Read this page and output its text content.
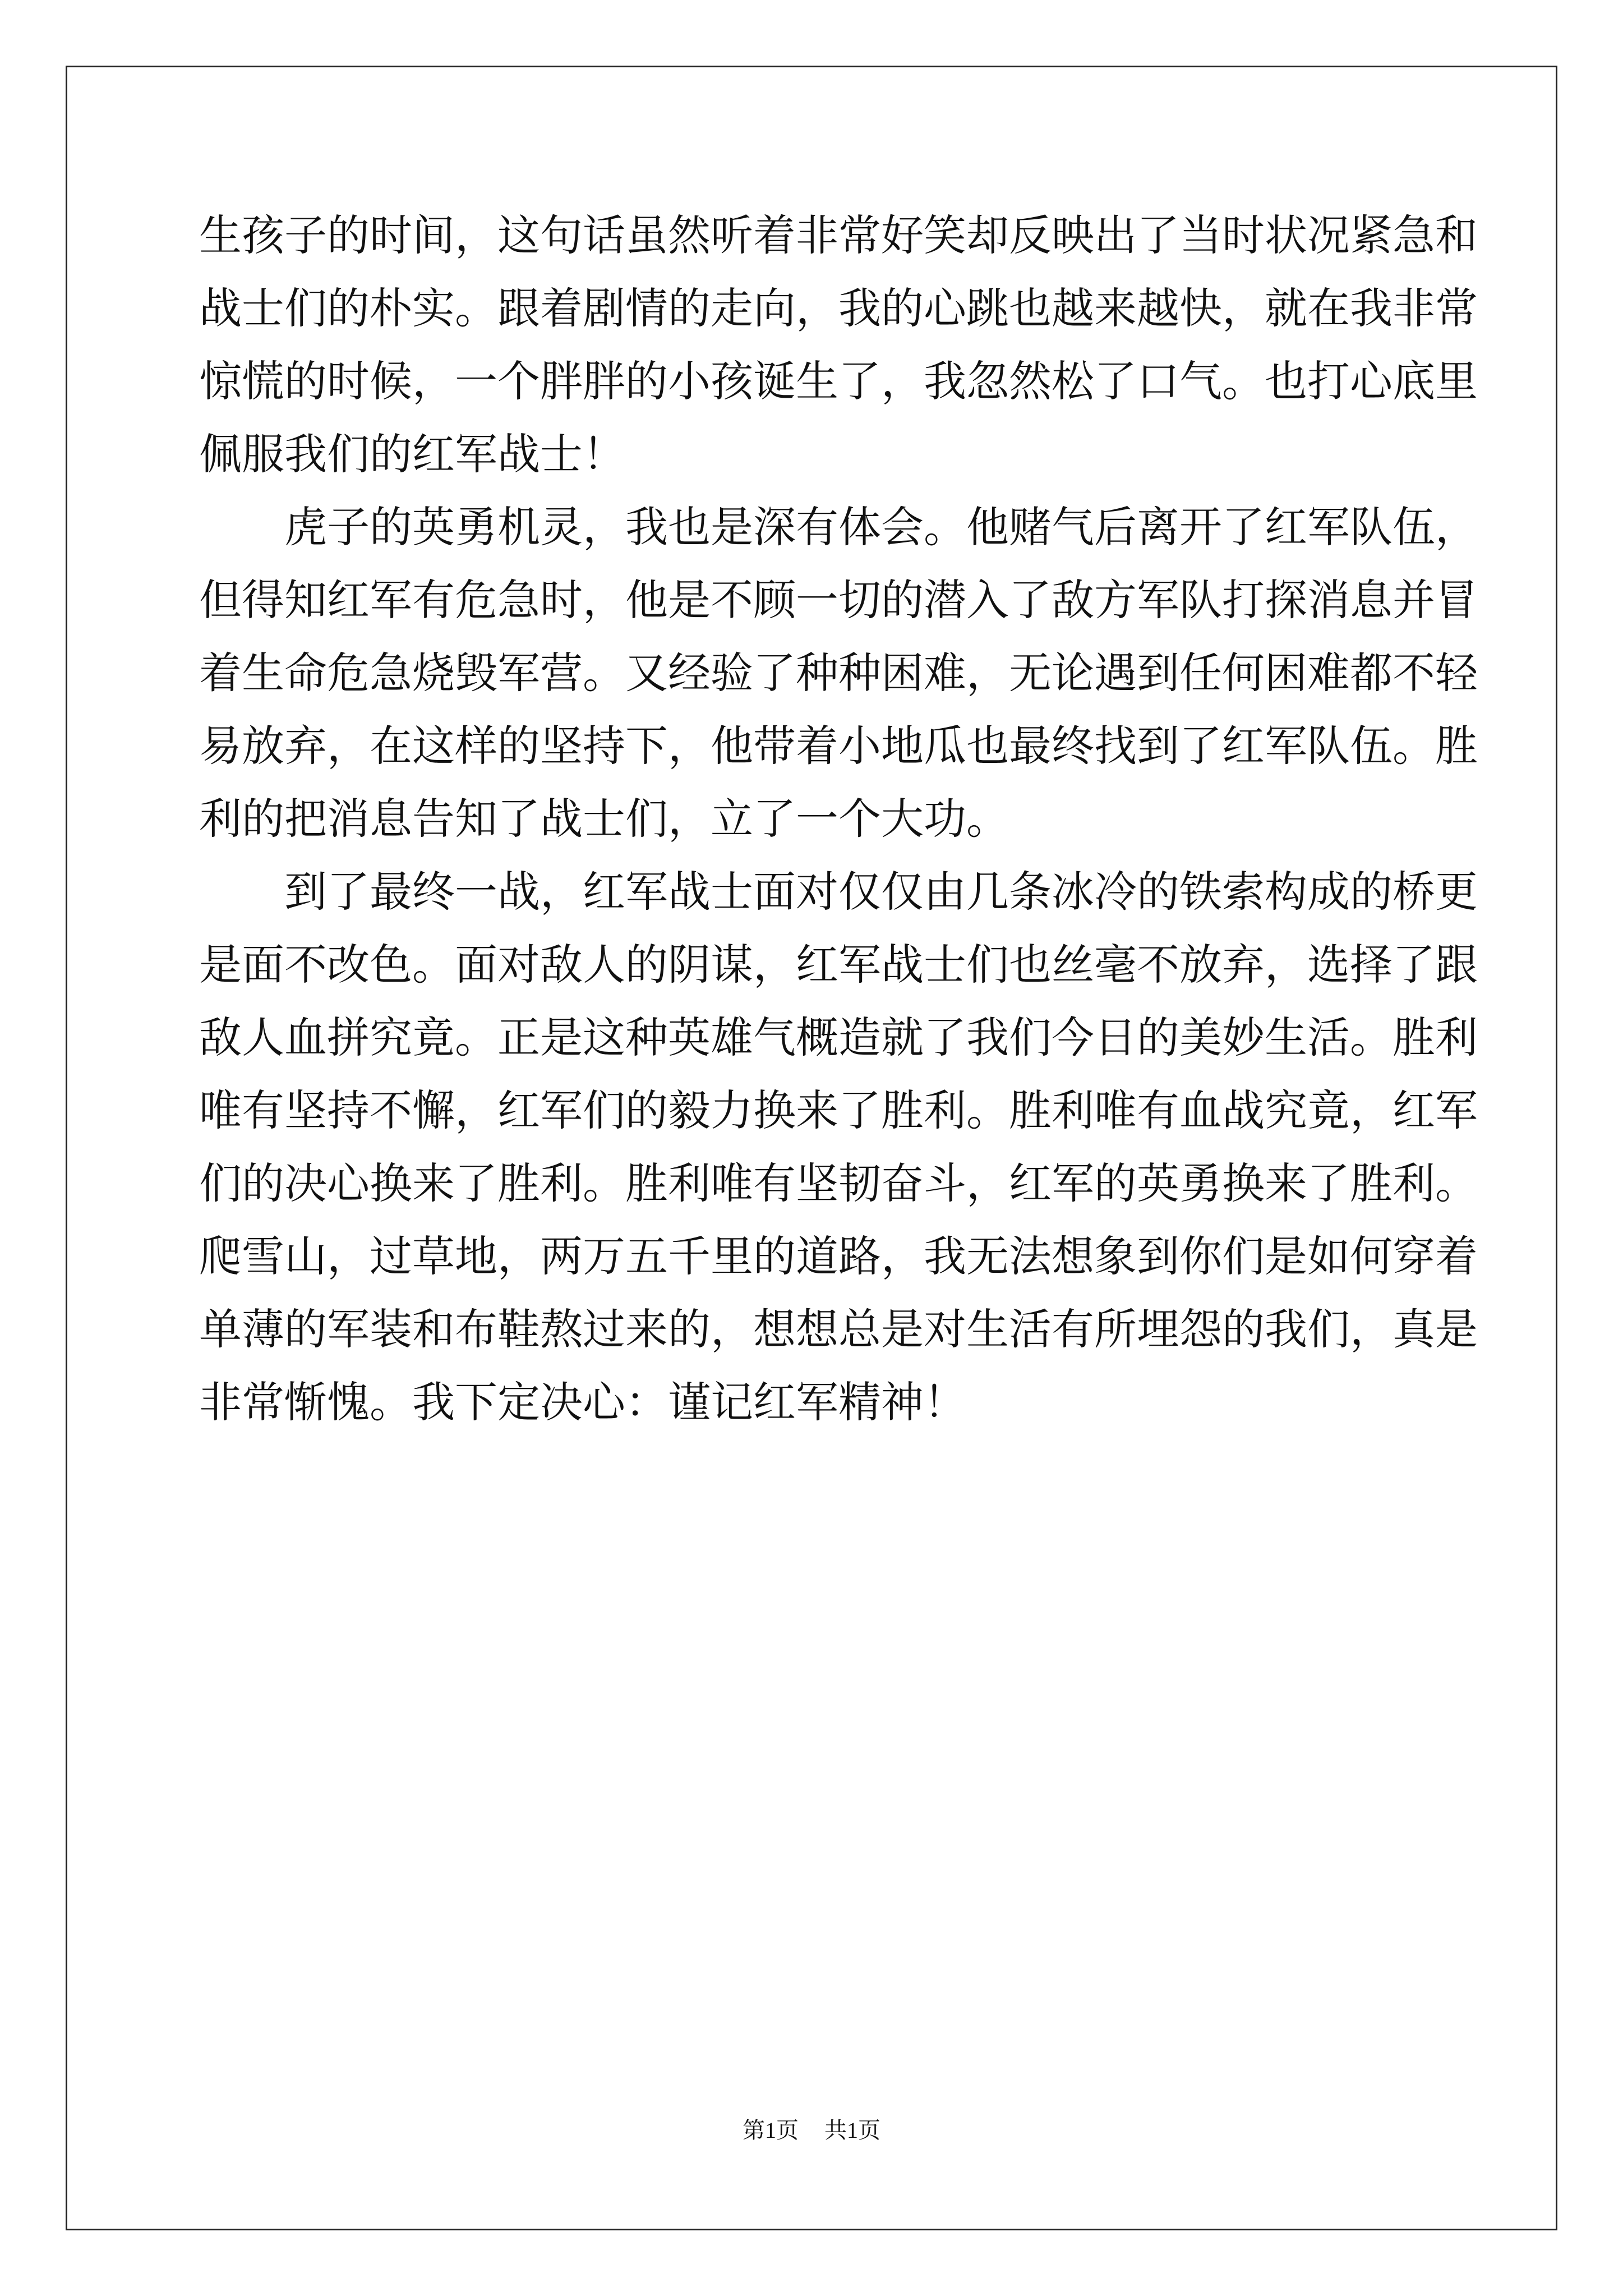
生孩子的时间，这句话虽然听着非常好笑却反映出了当时状况紧急和
战士们的朴实。跟着剧情的走向，我的心跳也越来越快，就在我非常
惊慌的时候，一个胖胖的小孩诞生了，我忽然松了口气。也打心底里
佩服我们的红军战士！
虎子的英勇机灵，我也是深有体会。他赌气后离开了红军队伍，
但得知红军有危急时，他是不顾一切的潜入了敌方军队打探消息并冒
着生命危急烧毁军营。又经验了种种困难，无论遇到任何困难都不轻
易放弃，在这样的坚持下，他带着小地瓜也最终找到了红军队伍。胜
利的把消息告知了战士们，立了一个大功。
到了最终一战，红军战士面对仅仅由几条冰冷的铁索构成的桥更
是面不改色。面对敌人的阴谋，红军战士们也丝毫不放弃，选择了跟
敌人血拼究竟。正是这种英雄气概造就了我们今日的美妙生活。胜利
唯有坚持不懈，红军们的毅力换来了胜利。胜利唯有血战究竟，红军
们的决心换来了胜利。胜利唯有坚韧奋斗，红军的英勇换来了胜利。
爬雪山，过草地，两万五千里的道路，我无法想象到你们是如何穿着
单薄的军装和布鞋熬过来的，想想总是对生活有所埋怨的我们，真是
非常惭愧。我下定决心：谨记红军精神！
第1页 共1页
